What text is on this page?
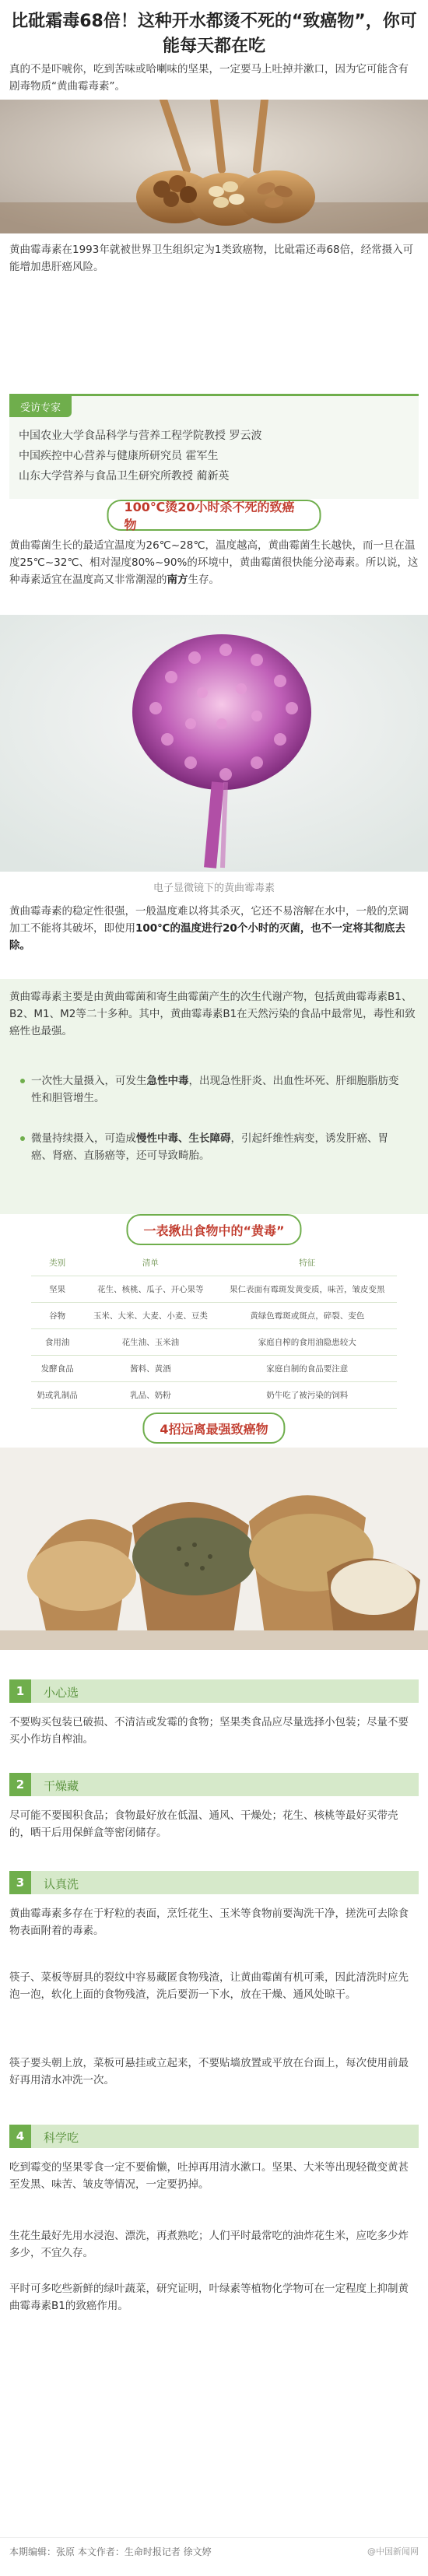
比砒霜毒68倍！这种开水都烫不死的“致癌物”，你可能每天都在吃
真的不是吓唬你，吃到苦味或哈喇味的坚果，一定要马上吐掉并漱口，因为它可能含有剧毒物质“黄曲霉毒素”。
黄曲霉毒素在1993年就被世界卫生组织定为1类致癌物，比砒霜还毒68倍，经常摄入可能增加患肝癌风险。
受访专家
中国农业大学食品科学与营养工程学院教授 罗云波
中国疾控中心营养与健康所研究员 霍军生
山东大学营养与食品卫生研究所教授 蔺新英
100℃烫20小时杀不死的致癌物
黄曲霉菌生长的最适宜温度为26℃~28℃，温度越高，黄曲霉菌生长越快，而一旦在温度25℃~32℃、相对湿度80%~90%的环境中，黄曲霉菌很快能分泌毒素。所以说，这种毒素适宜在温度高又非常潮湿的南方生存。
电子显微镜下的黄曲霉毒素
黄曲霉毒素的稳定性很强，一般温度难以将其杀灭，它还不易溶解在水中，一般的烹调加工不能将其破坏，即使用100℃的温度进行20个小时的灭菌，也不一定将其彻底去除。
黄曲霉毒素主要是由黄曲霉菌和寄生曲霉菌产生的次生代谢产物，包括黄曲霉毒素B1、B2、M1、M2等二十多种。其中，黄曲霉毒素B1在天然污染的食品中最常见，毒性和致癌性也最强。
一次性大量摄入，可发生急性中毒，出现急性肝炎、出血性坏死、肝细胞脂肪变性和胆管增生。
微量持续摄入，可造成慢性中毒、生长障碍，引起纤维性病变，诱发肝癌、胃癌、肾癌、直肠癌等，还可导致畸胎。
一表揪出食物中的“黄毒”
类别	清单	特征
坚果	花生、核桃、瓜子、开心果等	果仁表面有霉斑发黄变质，味苦，皱皮变黑
谷物	玉米、大米、大麦、小麦、豆类	黄绿色霉斑或斑点，碎裂、变色
食用油	花生油、玉米油	家庭自榨的食用油隐患较大
发酵食品	酱料、黄酒	家庭自制的食品要注意
奶或乳制品	乳品、奶粉	奶牛吃了被污染的饲料
4招远离最强致癌物
1	小心选
不要购买包装已破损、不清洁或发霉的食物；坚果类食品应尽量选择小包装；尽量不要买小作坊自榨油。
2	干燥藏
尽可能不要囤积食品；食物最好放在低温、通风、干燥处；花生、核桃等最好买带壳的，晒干后用保鲜盒等密闭储存。
3	认真洗
黄曲霉毒素多存在于籽粒的表面，烹饪花生、玉米等食物前要淘洗干净，搓洗可去除食物表面附着的毒素。
筷子、菜板等厨具的裂纹中容易藏匿食物残渣，让黄曲霉菌有机可乘，因此清洗时应先泡一泡，软化上面的食物残渣，洗后要沥一下水，放在干燥、通风处晾干。
筷子要头朝上放，菜板可悬挂或立起来，不要贴墙放置或平放在台面上，每次使用前最好再用清水冲洗一次。
4	科学吃
吃到霉变的坚果零食一定不要偷懒，吐掉再用清水漱口。坚果、大米等出现轻微变黄甚至发黑、味苦、皱皮等情况，一定要扔掉。
生花生最好先用水浸泡、漂洗，再煮熟吃；人们平时最常吃的油炸花生米，应吃多少炸多少，不宜久存。
平时可多吃些新鲜的绿叶蔬菜，研究证明，叶绿素等植物化学物可在一定程度上抑制黄曲霉毒素B1的致癌作用。
本期编辑：张原 本文作者：生命时报记者 徐文婷	@中国新闻网
